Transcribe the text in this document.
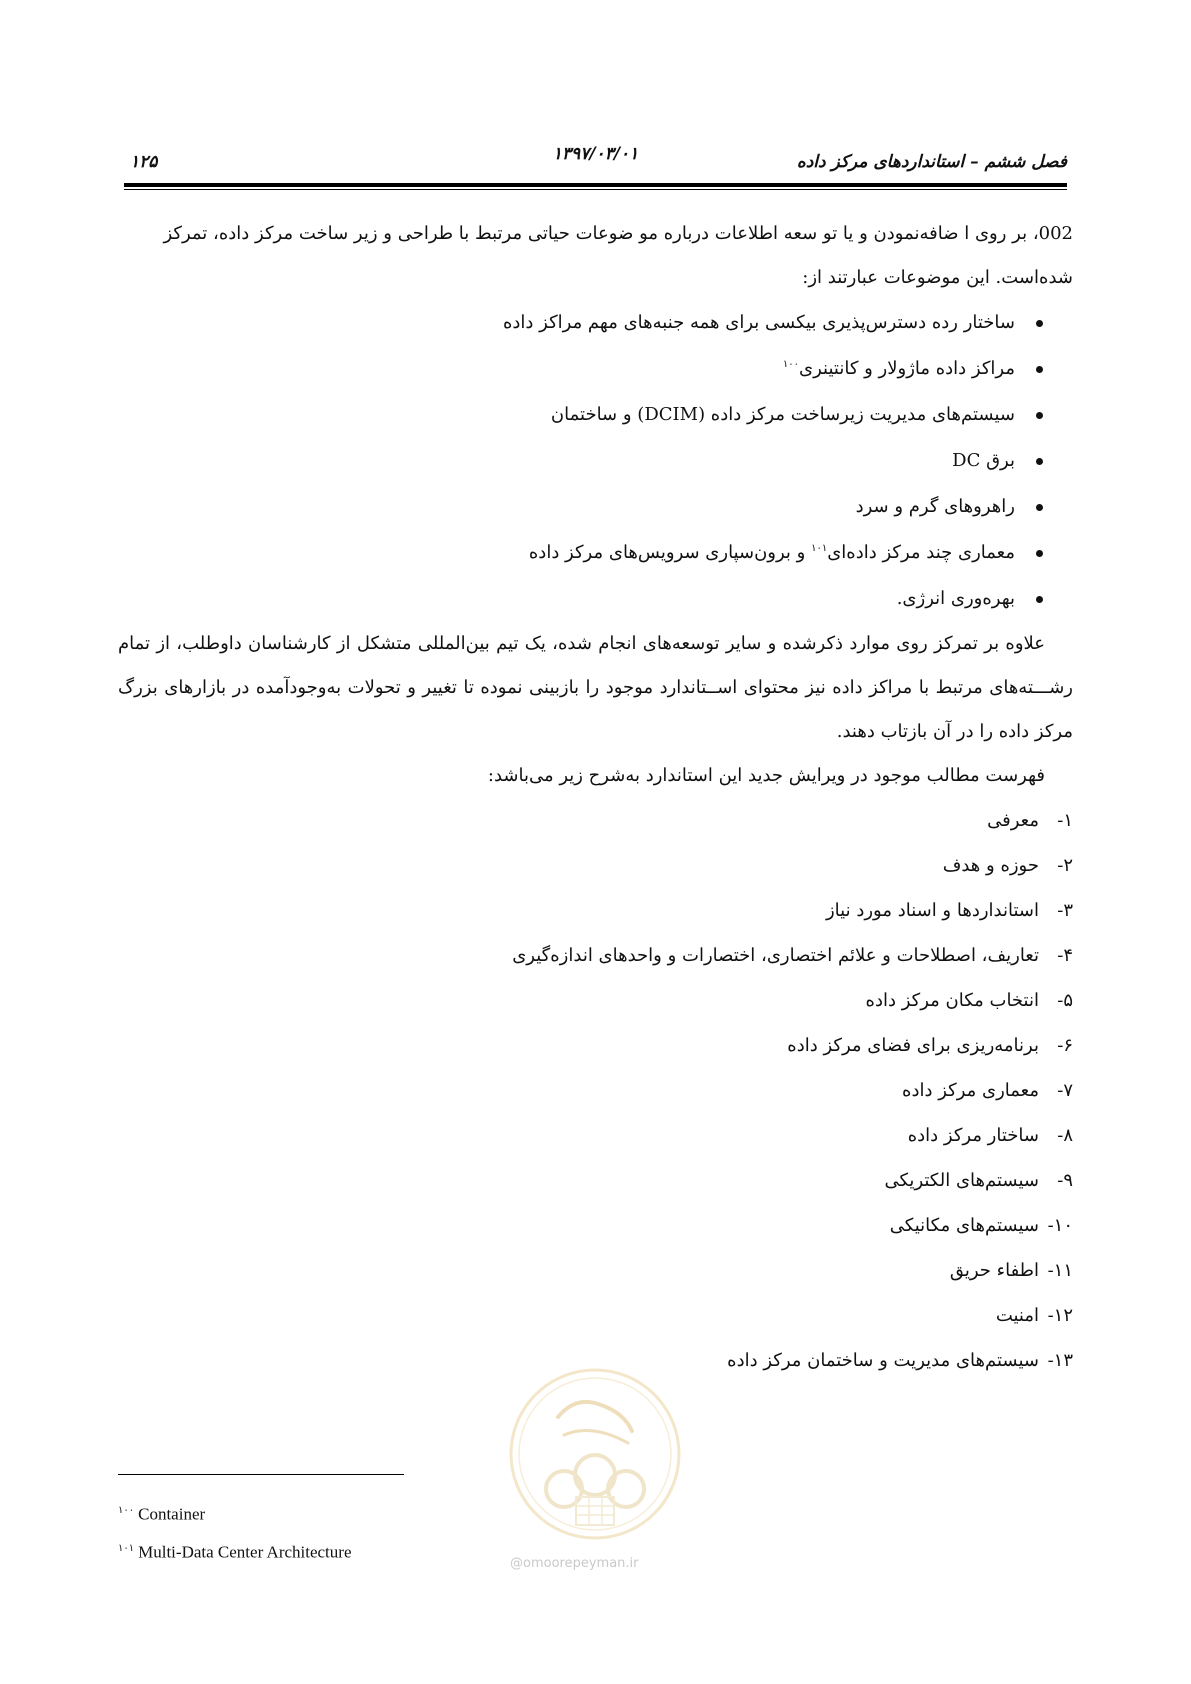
۱۲۵	۱۳۹۷/۰۳/۰۱	فصل ششم – استانداردهای مرکز داده

002، بر روی ا ضافه‌نمودن و یا تو سعه اطلاعات درباره مو ضوعات حیاتی مرتبط با طراحی و زیر ساخت مرکز داده، تمرکز

شده‌است. این موضوعات عبارتند از:

ساختار رده دسترس‌پذیری بیکسی برای همه جنبه‌های مهم مراکز داده
مراکز داده ماژولار و کانتینری$^{۱۰۰}$
سیستم‌های مدیریت زیرساخت مرکز داده (DCIM) و ساختمان
برق DC
راهروهای گرم و سرد
معماری چند مرکز داده‌ای$^{۱۰۱}$ و برون‌سپاری سرویس‌های مرکز داده
بهره‌وری انرژی.

علاوه بر تمرکز روی موارد ذکرشده و سایر توسعه‌های انجام شده، یک تیم بین‌المللی متشکل از کارشناسان داوطلب، از تمام رشـــته‌های مرتبط با مراکز داده نیز محتوای اســتاندارد موجود را بازبینی نموده تا تغییر و تحولات به‌وجودآمده در بازارهای بزرگ مرکز داده را در آن بازتاب دهند.

فهرست مطالب موجود در ویرایش جدید این استاندارد به‌شرح زیر می‌باشد:

۱-معرفی
۲-حوزه و هدف
۳-استانداردها و اسناد مورد نیاز
۴-تعاریف، اصطلاحات و علائم اختصاری، اختصارات و واحدهای اندازه‌گیری
۵-انتخاب مکان مرکز داده
۶-برنامه‌ریزی برای فضای مرکز داده
۷-معماری مرکز داده
۸-ساختار مرکز داده
۹-سیستم‌های الکتریکی
۱۰-سیستم‌های مکانیکی
۱۱-اطفاء حریق
۱۲-امنیت
۱۳-سیستم‌های مدیریت و ساختمان مرکز داده
@omoorepeyman.ir
$^{۱۰۰}$ Container
$^{۱۰۱}$ Multi-Data Center Architecture
